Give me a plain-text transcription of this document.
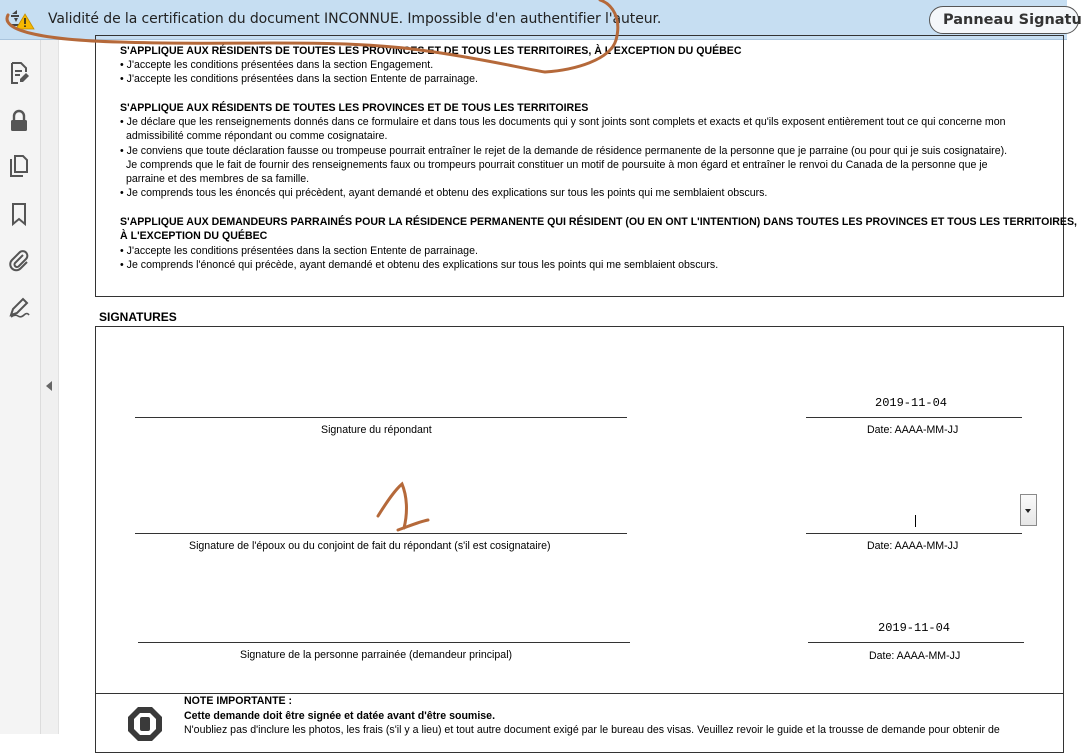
Validité de la certification du document INCONNUE. Impossible d'en authentifier l'auteur.	Panneau Signatu
S'APPLIQUE AUX RÉSIDENTS DE TOUTES LES PROVINCES ET DE TOUS LES TERRITOIRES, À L'EXCEPTION DU QUÉBEC
• J'accepte les conditions présentées dans la section Engagement.
• J'accepte les conditions présentées dans la section Entente de parrainage.
S'APPLIQUE AUX RÉSIDENTS DE TOUTES LES PROVINCES ET DE TOUS LES TERRITOIRES
• Je déclare que les renseignements donnés dans ce formulaire et dans tous les documents qui y sont joints sont complets et exacts et qu'ils exposent entièrement tout ce qui concerne mon
admissibilité comme répondant ou comme cosignataire.
• Je conviens que toute déclaration fausse ou trompeuse pourrait entraîner le rejet de la demande de résidence permanente de la personne que je parraine (ou pour qui je suis cosignataire).
Je comprends que le fait de fournir des renseignements faux ou trompeurs pourrait constituer un motif de poursuite à mon égard et entraîner le renvoi du Canada de la personne que je
parraine et des membres de sa famille.
• Je comprends tous les énoncés qui précèdent, ayant demandé et obtenu des explications sur tous les points qui me semblaient obscurs.
S'APPLIQUE AUX DEMANDEURS PARRAINÉS POUR LA RÉSIDENCE PERMANENTE QUI RÉSIDENT (OU EN ONT L'INTENTION) DANS TOUTES LES PROVINCES ET TOUS LES TERRITOIRES,
À L'EXCEPTION DU QUÉBEC
• J'accepte les conditions présentées dans la section Entente de parrainage.
• Je comprends l'énoncé qui précède, ayant demandé et obtenu des explications sur tous les points qui me semblaient obscurs.
SIGNATURES
Signature du répondant
2019-11-04
Date: AAAA-MM-JJ
Signature de l'époux ou du conjoint de fait du répondant (s'il est cosignataire)	Date: AAAA-MM-JJ
Signature de la personne parrainée (demandeur principal)
2019-11-04
Date: AAAA-MM-JJ
NOTE IMPORTANTE :
Cette demande doit être signée et datée avant d'être soumise.
N'oubliez pas d'inclure les photos, les frais (s'il y a lieu) et tout autre document exigé par le bureau des visas. Veuillez revoir le guide et la trousse de demande pour obtenir de
